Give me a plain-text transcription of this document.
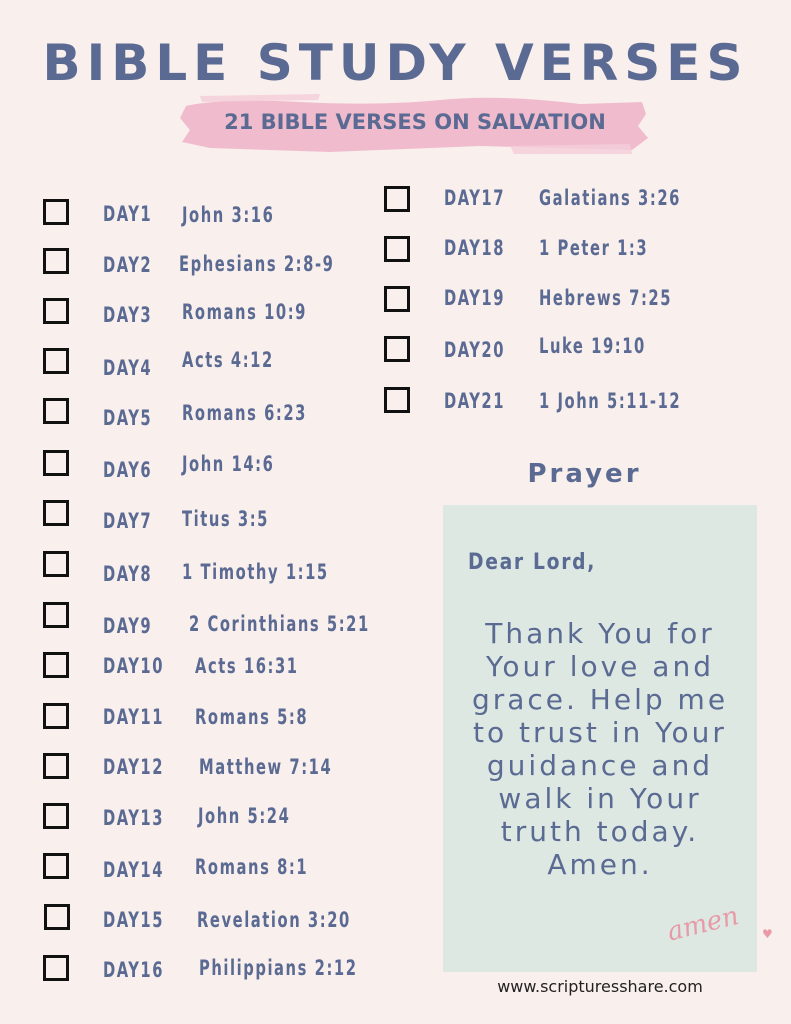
BIBLE STUDY VERSES
21 BIBLE VERSES ON SALVATION
DAY1 John 3:16
DAY2 Ephesians 2:8-9
DAY3 Romans 10:9
DAY4 Acts 4:12
DAY5 Romans 6:23
DAY6 John 14:6
DAY7 Titus 3:5
DAY8 1 Timothy 1:15
DAY9 2 Corinthians 5:21
DAY10 Acts 16:31
DAY11 Romans 5:8
DAY12 Matthew 7:14
DAY13 John 5:24
DAY14 Romans 8:1
DAY15 Revelation 3:20
DAY16 Philippians 2:12
DAY17 Galatians 3:26
DAY18 1 Peter 1:3
DAY19 Hebrews 7:25
DAY20 Luke 19:10
DAY21 1 John 5:11-12
Prayer
Dear Lord,

Thank You for Your love and grace. Help me to trust in Your guidance and walk in Your truth today. Amen.

amen ♥
www.scripturesshare.com
